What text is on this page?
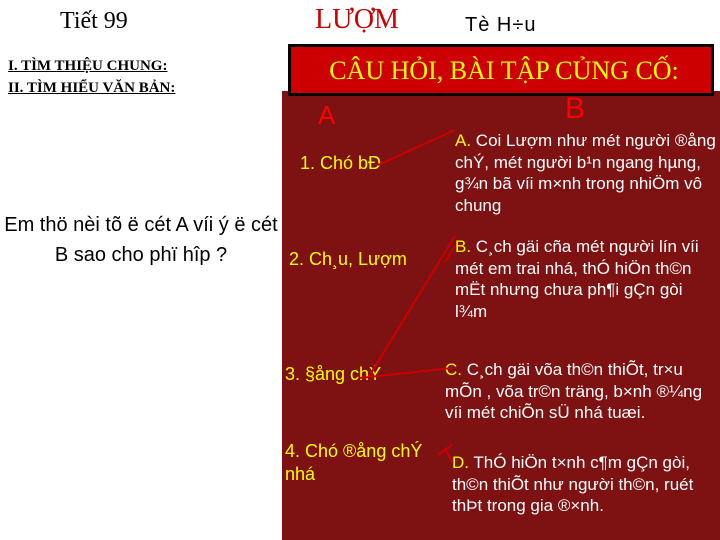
Tiết 99	LƯỢM	Tè H÷u

I. TÌM THIỆU CHUNG:

II. TÌM HIỂU VĂN BẢN:

Em thö nèi tõ ë cét A víi ý ë cét B sao cho phï hîp ?

CÂU HỎI, BÀI TẬP CỦNG CỐ:

A	B

1. Chó bÐ

2. Ch¸u, Lượm

3. §ång chÝ

4. Chó ®ång chÝ nhá

A. Coi Lượm như mét người ®ång chÝ, mét người b¹n ngang hµng, g¾n bã víi m×nh trong nhiÖm vô chung

B. C¸ch gäi cña mét người lín víi mét em trai nhá, thÓ hiÖn th©n mËt nhưng chưa ph¶i gÇn gòi l¾m

C. C¸ch gäi võa th©n thiÕt, tr×u mÕn , võa tr©n träng, b×nh ®¼ng víi mét chiÕn sÜ nhá tuæi.

D. ThÓ hiÖn t×nh c¶m gÇn gòi, th©n thiÕt như người th©n, ruét thÞt trong gia ®×nh.
